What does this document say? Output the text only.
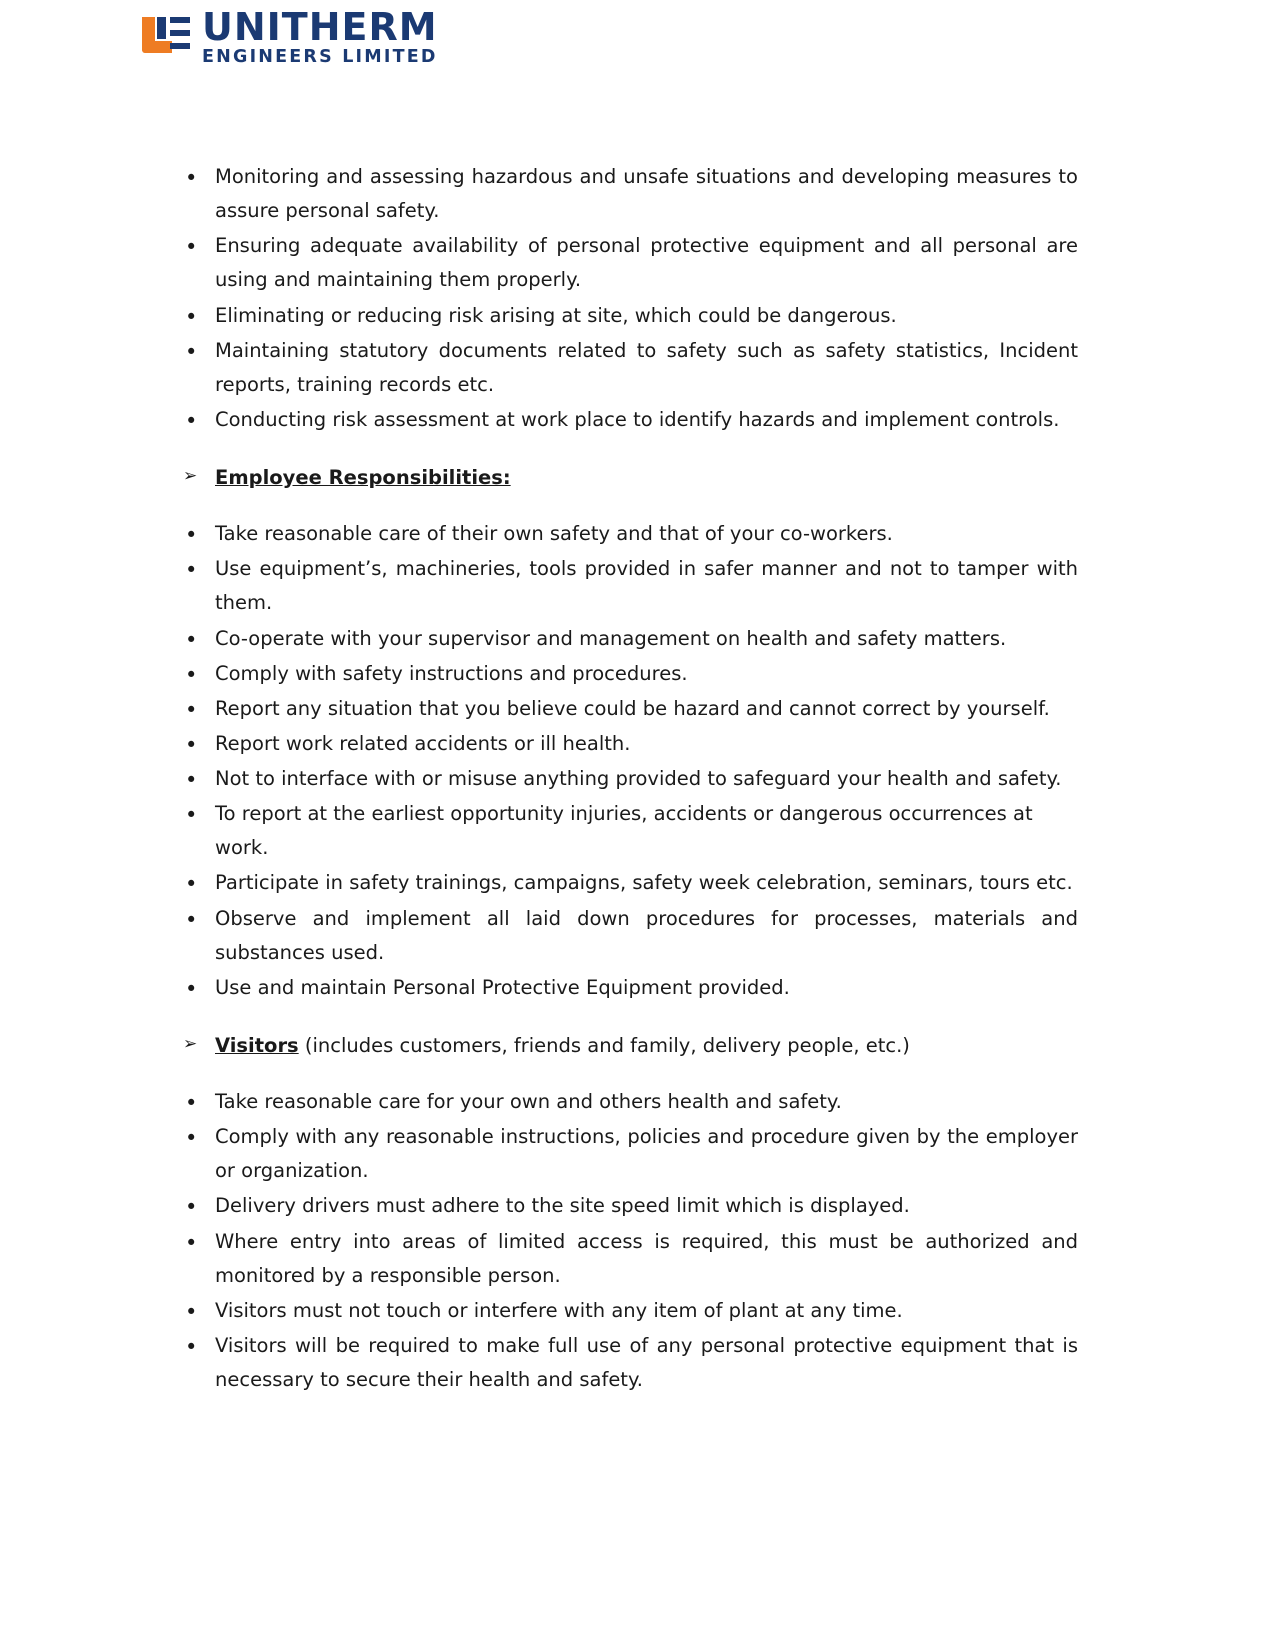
UNITHERM
ENGINEERS LIMITED
• Monitoring and assessing hazardous and unsafe situations and developing measures to assure personal safety.
• Ensuring adequate availability of personal protective equipment and all personal are using and maintaining them properly.
• Eliminating or reducing risk arising at site, which could be dangerous.
• Maintaining statutory documents related to safety such as safety statistics, Incident reports, training records etc.
• Conducting risk assessment at work place to identify hazards and implement controls.
➢ Employee Responsibilities:
• Take reasonable care of their own safety and that of your co-workers.
• Use equipment’s, machineries, tools provided in safer manner and not to tamper with them.
• Co-operate with your supervisor and management on health and safety matters.
• Comply with safety instructions and procedures.
• Report any situation that you believe could be hazard and cannot correct by yourself.
• Report work related accidents or ill health.
• Not to interface with or misuse anything provided to safeguard your health and safety.
• To report at the earliest opportunity injuries, accidents or dangerous occurrences at work.
• Participate in safety trainings, campaigns, safety week celebration, seminars, tours etc.
• Observe and implement all laid down procedures for processes, materials and substances used.
• Use and maintain Personal Protective Equipment provided.
➢ Visitors (includes customers, friends and family, delivery people, etc.)
• Take reasonable care for your own and others health and safety.
• Comply with any reasonable instructions, policies and procedure given by the employer or organization.
• Delivery drivers must adhere to the site speed limit which is displayed.
• Where entry into areas of limited access is required, this must be authorized and monitored by a responsible person.
• Visitors must not touch or interfere with any item of plant at any time.
• Visitors will be required to make full use of any personal protective equipment that is necessary to secure their health and safety.
